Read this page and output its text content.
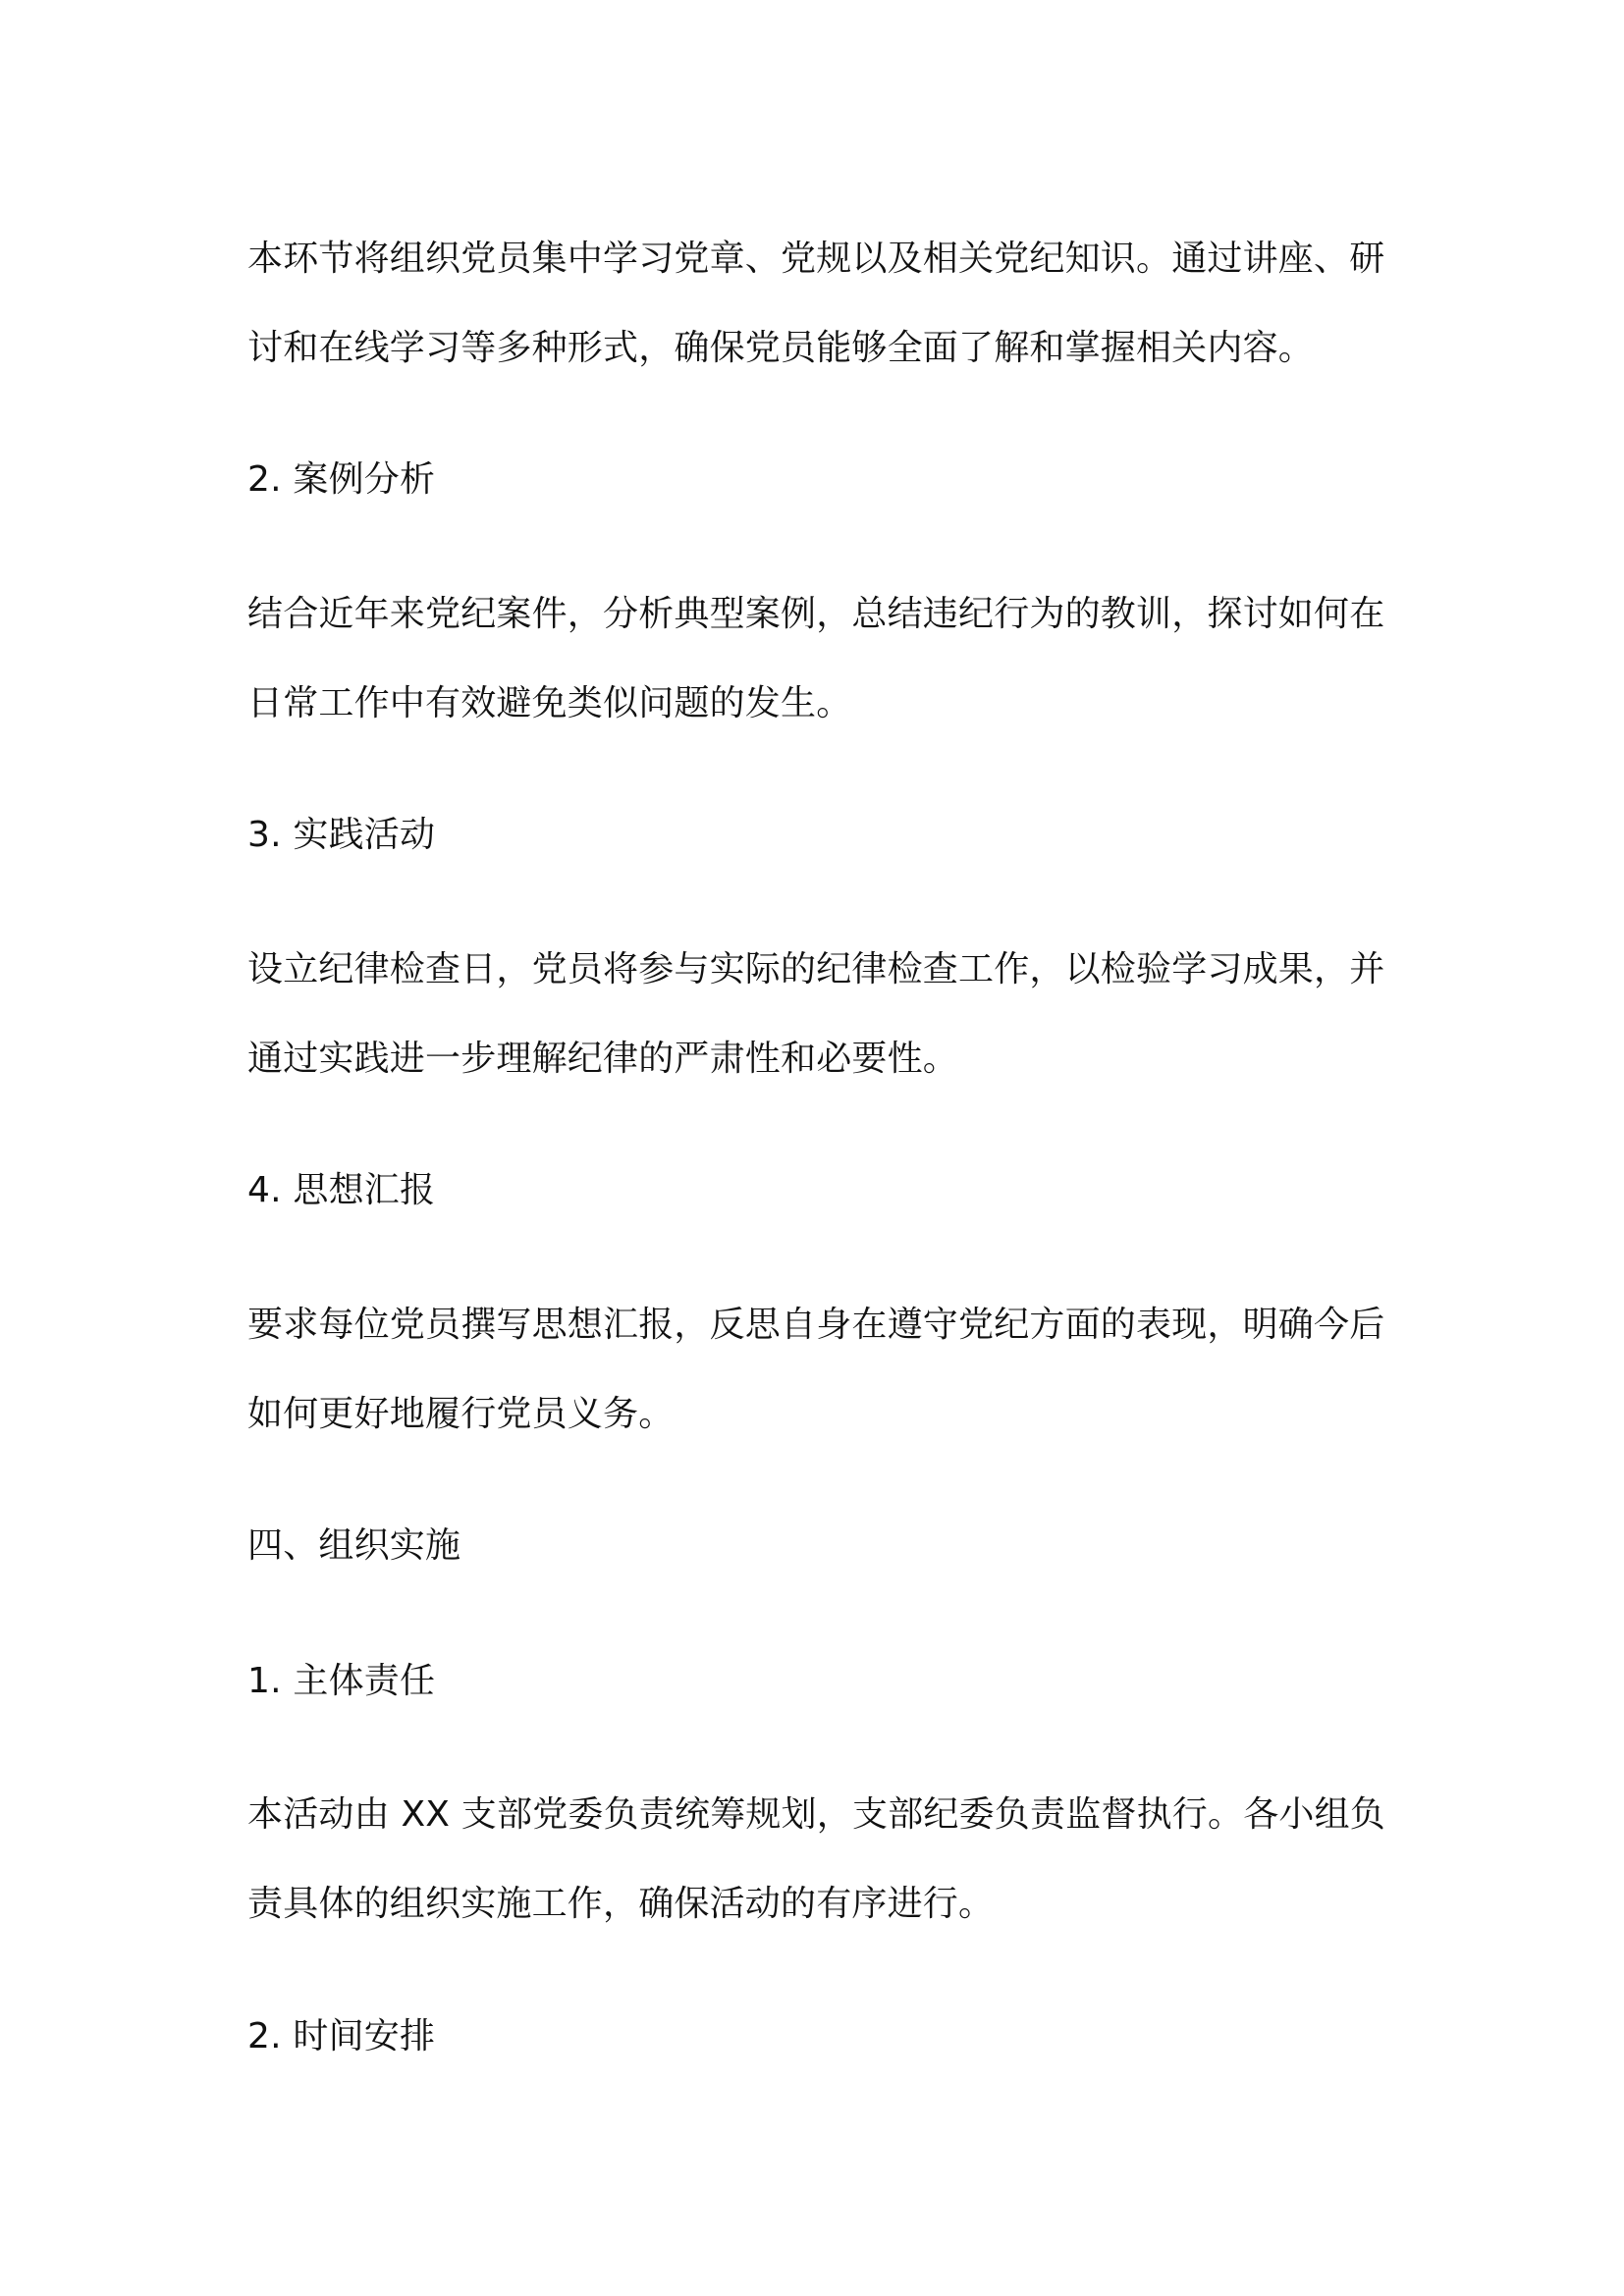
本环节将组织党员集中学习党章、党规以及相关党纪知识。通过讲座、研
讨和在线学习等多种形式，确保党员能够全面了解和掌握相关内容。
2. 案例分析
结合近年来党纪案件，分析典型案例，总结违纪行为的教训，探讨如何在
日常工作中有效避免类似问题的发生。
3. 实践活动
设立纪律检查日，党员将参与实际的纪律检查工作，以检验学习成果，并
通过实践进一步理解纪律的严肃性和必要性。
4. 思想汇报
要求每位党员撰写思想汇报，反思自身在遵守党纪方面的表现，明确今后
如何更好地履行党员义务。
四、组织实施
1. 主体责任
本活动由 XX 支部党委负责统筹规划，支部纪委负责监督执行。各小组负
责具体的组织实施工作，确保活动的有序进行。
2. 时间安排
